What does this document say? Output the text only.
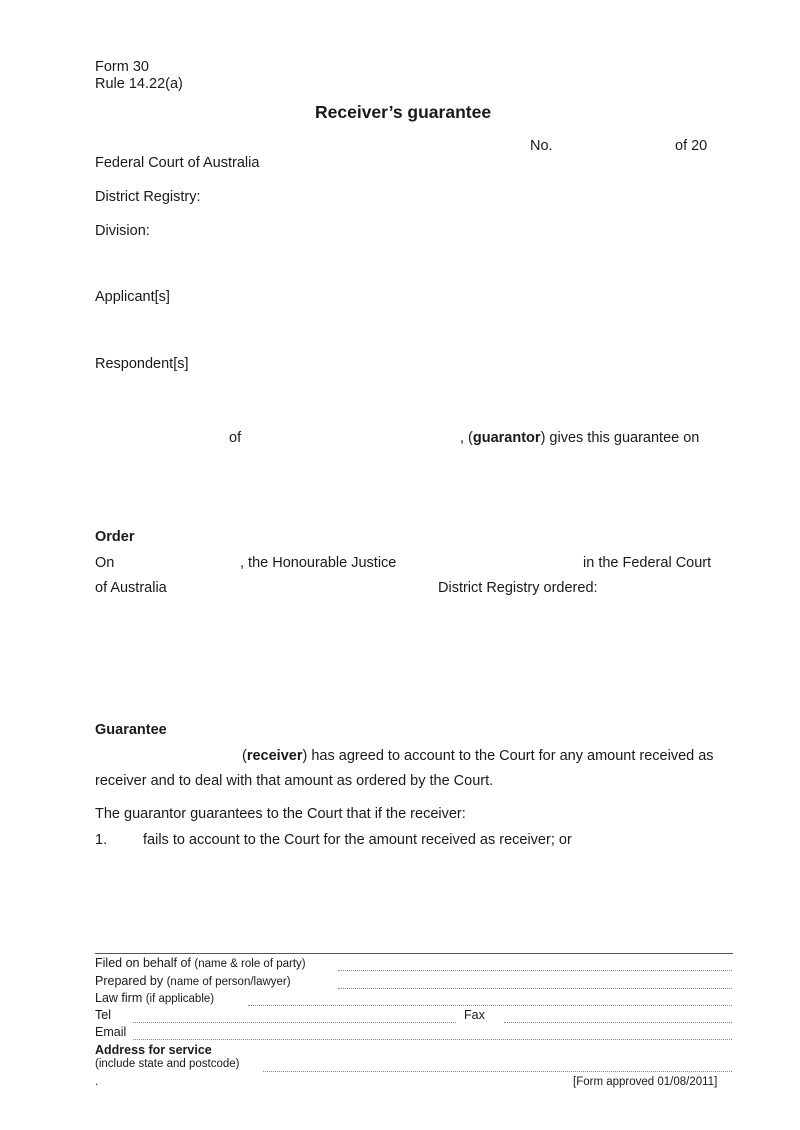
Form 30
Rule 14.22(a)
Receiver’s guarantee
No.	of 20
Federal Court of Australia
District Registry:
Division:
Applicant[s]
Respondent[s]
of	, (guarantor) gives this guarantee on
Order
On	, the Honourable Justice	in the Federal Court
of Australia	District Registry ordered:
Guarantee
(receiver) has agreed to account to the Court for any amount received as
receiver and to deal with that amount as ordered by the Court.
The guarantor guarantees to the Court that if the receiver:
1. fails to account to the Court for the amount received as receiver; or
Filed on behalf of (name & role of party)
Prepared by (name of person/lawyer)
Law firm (if applicable)
Tel	Fax
Email
Address for service
(include state and postcode)
.	[Form approved 01/08/2011]
